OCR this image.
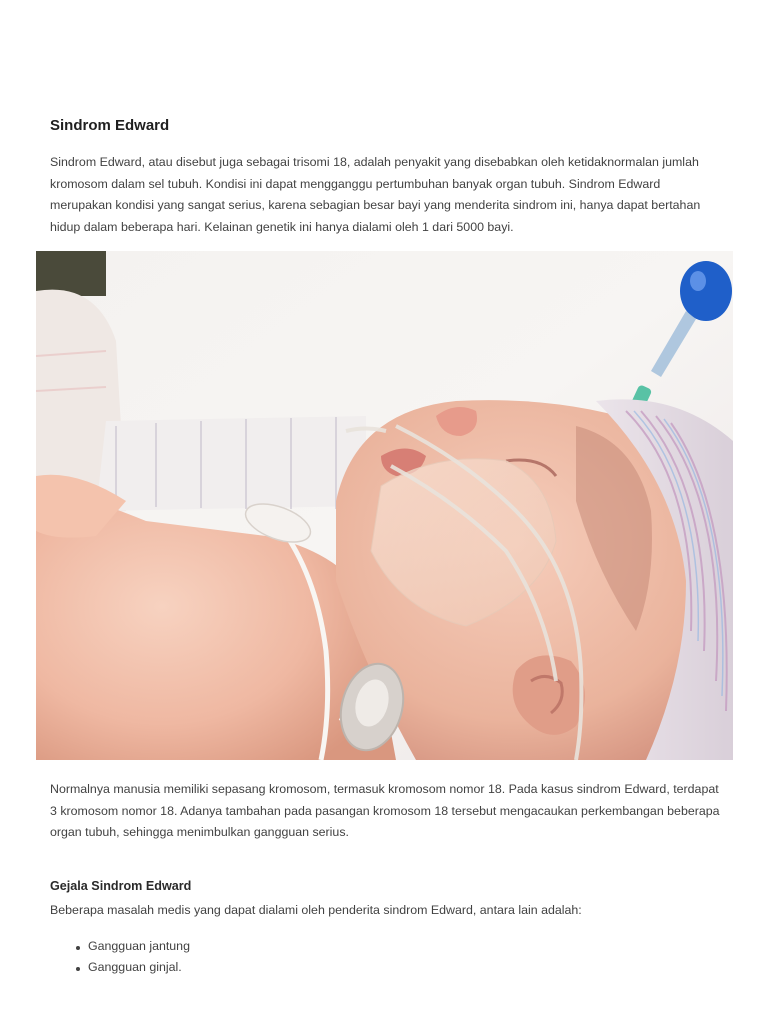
Sindrom Edward

Sindrom Edward, atau disebut juga sebagai trisomi 18, adalah penyakit yang disebabkan oleh ketidaknormalan jumlah kromosom dalam sel tubuh. Kondisi ini dapat mengganggu pertumbuhan banyak organ tubuh. Sindrom Edward merupakan kondisi yang sangat serius, karena sebagian besar bayi yang menderita sindrom ini, hanya dapat bertahan hidup dalam beberapa hari. Kelainan genetik ini hanya dialami oleh 1 dari 5000 bayi.

Normalnya manusia memiliki sepasang kromosom, termasuk kromosom nomor 18. Pada kasus sindrom Edward, terdapat 3 kromosom nomor 18. Adanya tambahan pada pasangan kromosom 18 tersebut mengacaukan perkembangan beberapa organ tubuh, sehingga menimbulkan gangguan serius.

Gejala Sindrom Edward

Beberapa masalah medis yang dapat dialami oleh penderita sindrom Edward, antara lain adalah:

Gangguan jantung
Gangguan ginjal.
